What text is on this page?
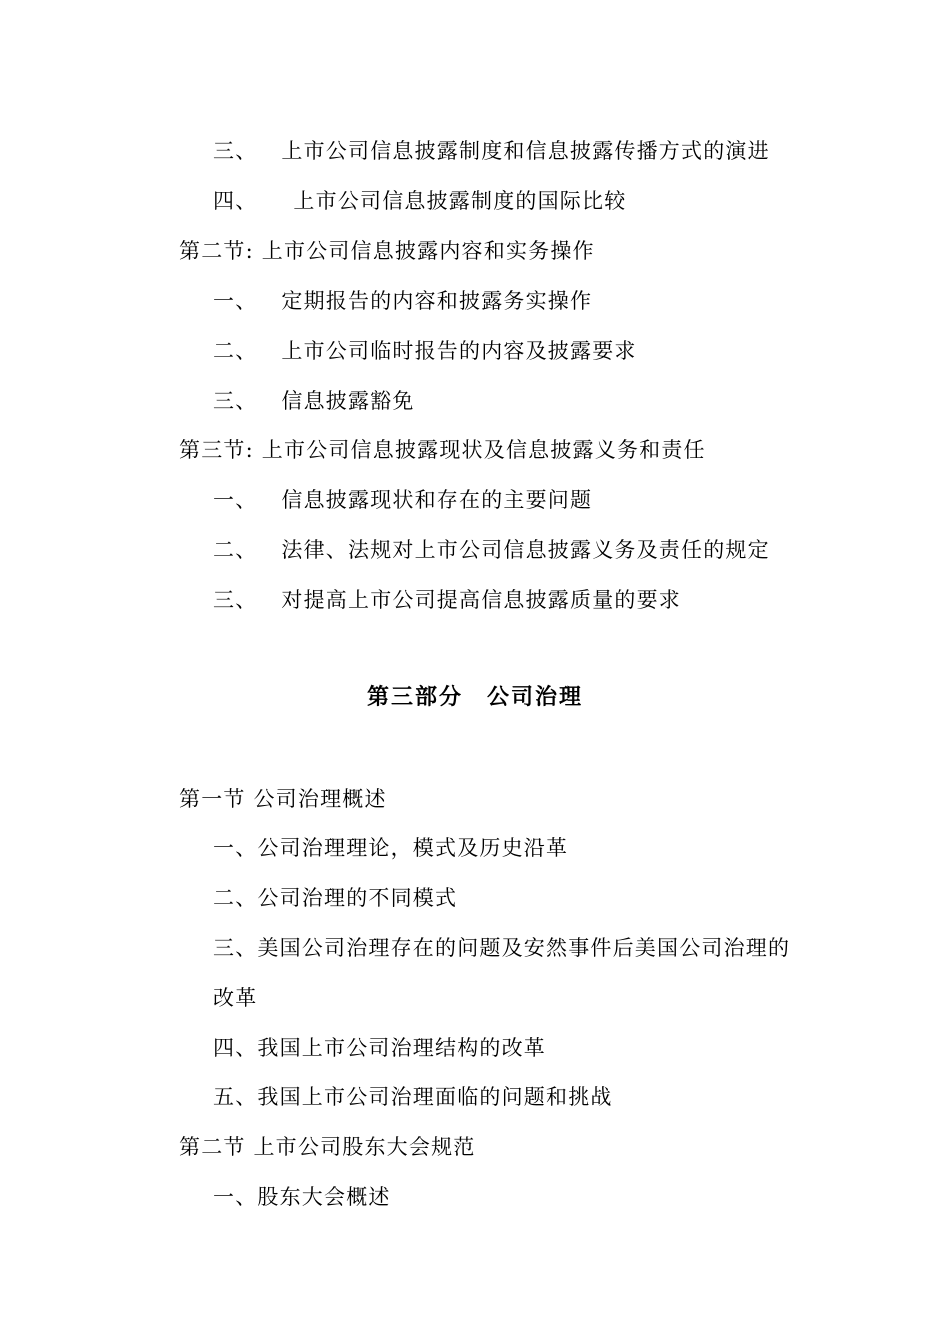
三、 上市公司信息披露制度和信息披露传播方式的演进
四、 上市公司信息披露制度的国际比较
第二节: 上市公司信息披露内容和实务操作
一、 定期报告的内容和披露务实操作
二、 上市公司临时报告的内容及披露要求
三、 信息披露豁免
第三节: 上市公司信息披露现状及信息披露义务和责任
一、 信息披露现状和存在的主要问题
二、 法律、法规对上市公司信息披露义务及责任的规定
三、 对提高上市公司提高信息披露质量的要求
第三部分　公司治理
第一节 公司治理概述
一、公司治理理论，模式及历史沿革
二、公司治理的不同模式
三、美国公司治理存在的问题及安然事件后美国公司治理的
改革
四、我国上市公司治理结构的改革
五、我国上市公司治理面临的问题和挑战
第二节 上市公司股东大会规范
一、股东大会概述
